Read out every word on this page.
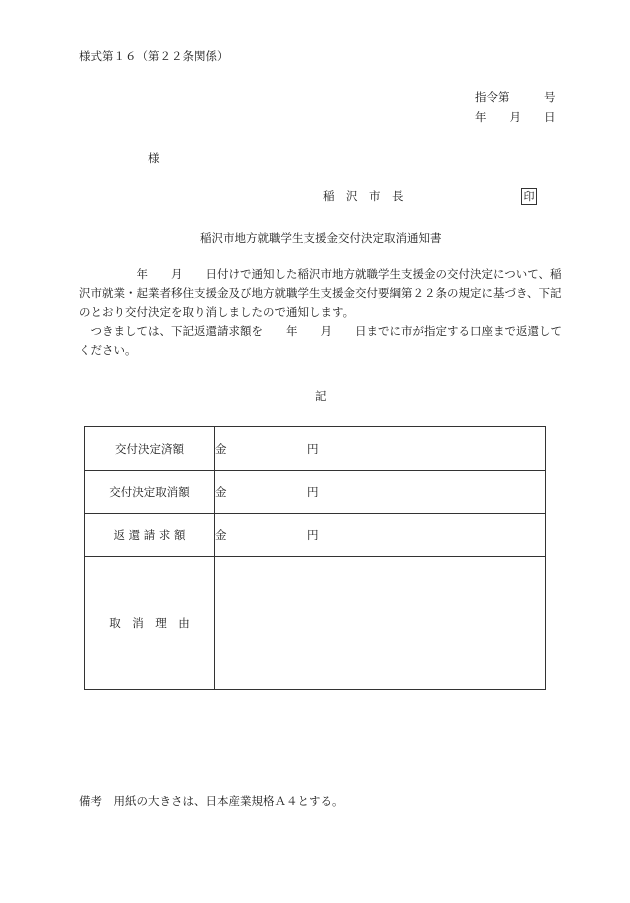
様式第１６（第２２条関係）
指令第　　　号
年　　月　　日
様
稲　沢　市　長	印
稲沢市地方就職学生支援金交付決定取消通知書
　　　　　年　　月　　日付けで通知した稲沢市地方就職学生支援金の交付決定について、稲
沢市就業・起業者移住支援金及び地方就職学生支援金交付要綱第２２条の規定に基づき、下記
のとおり交付決定を取り消しましたので通知します。
　つきましては、下記返還請求額を　　年　　月　　日までに市が指定する口座まで返還して
ください。
記
交付決定済額	金 円
交付決定取消額	金 円
返 還 請 求 額	金 円
取　消　理　由	
備考　用紙の大きさは、日本産業規格Ａ４とする。
